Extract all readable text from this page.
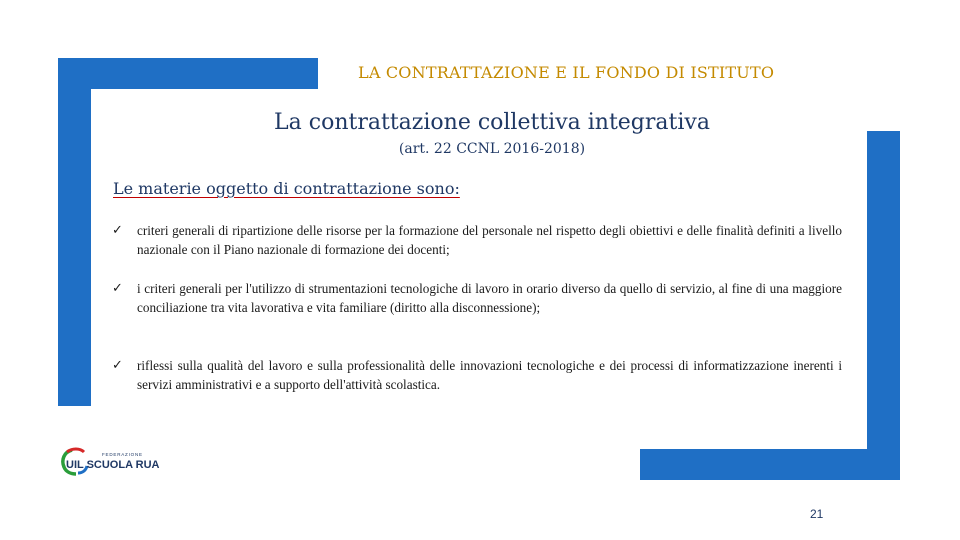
LA CONTRATTAZIONE E IL FONDO DI ISTITUTO
La contrattazione collettiva integrativa
(art. 22 CCNL 2016-2018)
Le materie oggetto di contrattazione sono:
✓	criteri generali di ripartizione delle risorse per la formazione del personale nel rispetto degli obiettivi e delle finalità definiti a livello nazionale con il Piano nazionale di formazione dei docenti;
✓	i criteri generali per l'utilizzo di strumentazioni tecnologiche di lavoro in orario diverso da quello di servizio, al fine di una maggiore conciliazione tra vita lavorativa e vita familiare (diritto alla disconnessione);
✓	riflessi sulla qualità del lavoro e sulla professionalità delle innovazioni tecnologiche e dei processi di informatizzazione inerenti i servizi amministrativi e a supporto dell'attività scolastica.
FEDERAZIONE
UIL SCUOLA RUA
21
